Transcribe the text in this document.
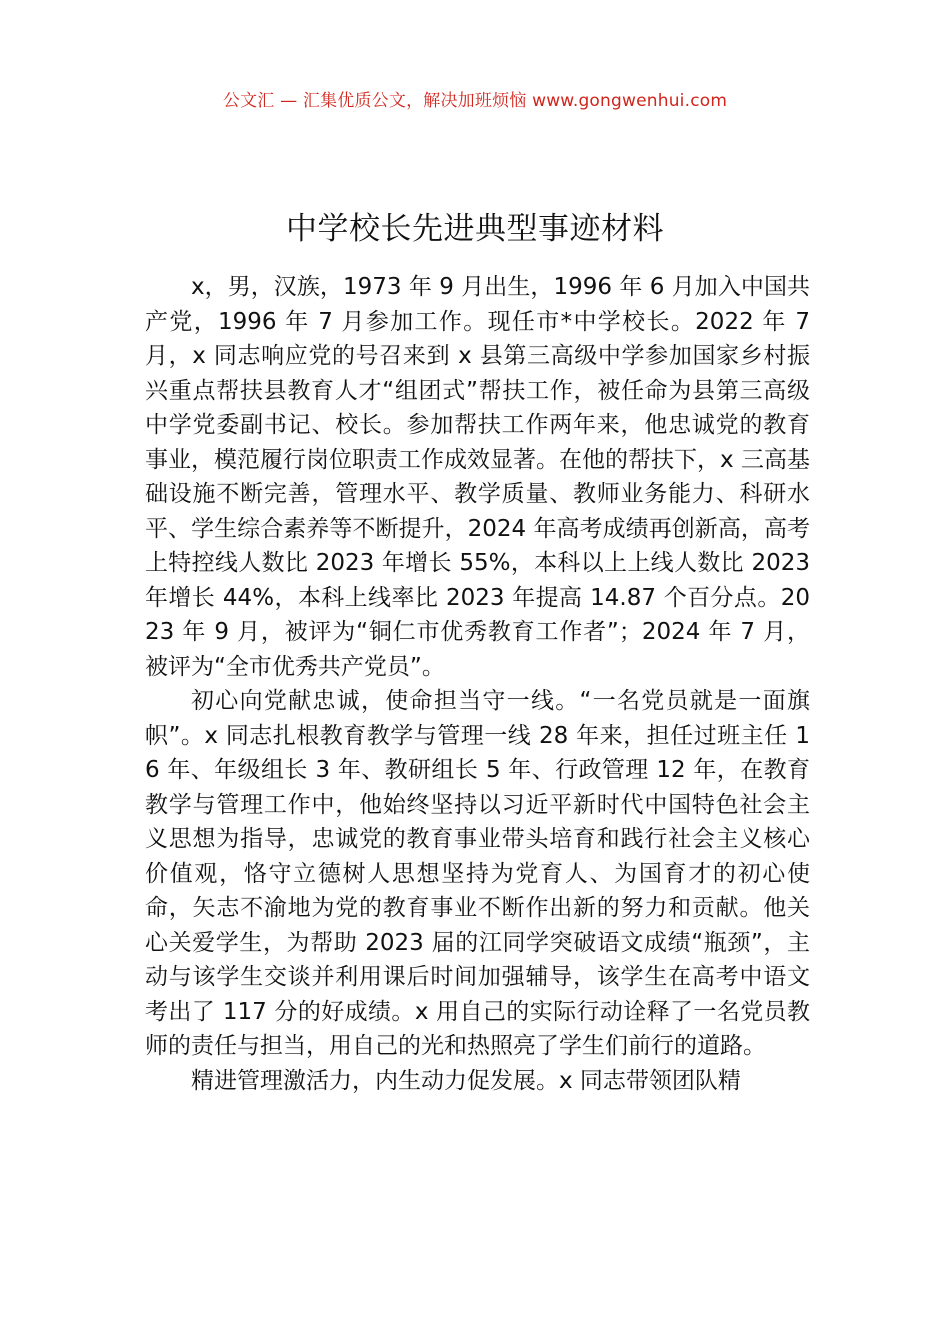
公文汇 — 汇集优质公文，解决加班烦恼 www.gongwenhui.com
中学校长先进典型事迹材料

x，男，汉族，1973 年 9 月出生，1996 年 6 月加入中国共产党，1996 年 7 月参加工作。现任市*中学校长。2022 年 7 月，x 同志响应党的号召来到 x 县第三高级中学参加国家乡村振兴重点帮扶县教育人才“组团式”帮扶工作，被任命为县第三高级中学党委副书记、校长。参加帮扶工作两年来，他忠诚党的教育事业，模范履行岗位职责工作成效显著。在他的帮扶下，x 三高基础设施不断完善，管理水平、教学质量、教师业务能力、科研水平、学生综合素养等不断提升，2024 年高考成绩再创新高，高考上特控线人数比 2023 年增长 55%，本科以上上线人数比 2023 年增长 44%，本科上线率比 2023 年提高 14.87 个百分点。2023 年 9 月，被评为“铜仁市优秀教育工作者”；2024 年 7 月，被评为“全市优秀共产党员”。

初心向党献忠诚，使命担当守一线。“一名党员就是一面旗帜”。x 同志扎根教育教学与管理一线 28 年来，担任过班主任 16 年、年级组长 3 年、教研组长 5 年、行政管理 12 年，在教育教学与管理工作中，他始终坚持以习近平新时代中国特色社会主义思想为指导，忠诚党的教育事业带头培育和践行社会主义核心价值观，恪守立德树人思想坚持为党育人、为国育才的初心使命，矢志不渝地为党的教育事业不断作出新的努力和贡献。他关心关爱学生，为帮助 2023 届的江同学突破语文成绩“瓶颈”，主动与该学生交谈并利用课后时间加强辅导，该学生在高考中语文考出了 117 分的好成绩。x 用自己的实际行动诠释了一名党员教师的责任与担当，用自己的光和热照亮了学生们前行的道路。

精进管理激活力，内生动力促发展。x 同志带领团队精
